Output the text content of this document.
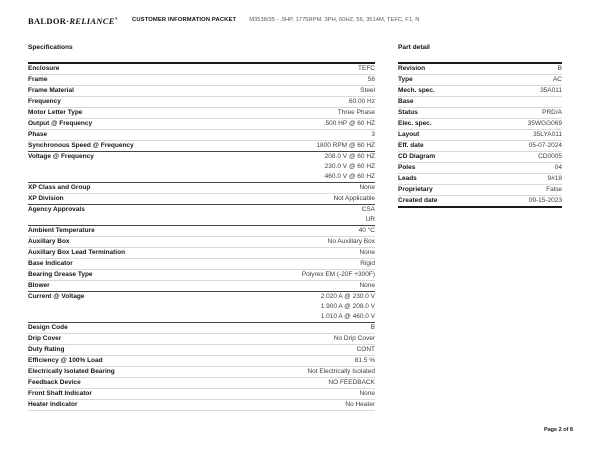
BALDOR·RELIANCE® CUSTOMER INFORMATION PACKET M3538/35 - .5HP, 1775RPM, 3PH, 60HZ, 56, 3514M, TEFC, F1, N
Specifications
Enclosure	TEFC
Frame	56
Frame Material	Steel
Frequency	60.00 Hz
Motor Letter Type	Three Phase
Output @ Frequency	.500 HP @ 60 HZ
Phase	3
Synchronous Speed @ Frequency	1800 RPM @ 60 HZ
Voltage @ Frequency	208.0 V @ 60 HZ
230.0 V @ 60 HZ
460.0 V @ 60 HZ
XP Class and Group	None
XP Division	Not Applicable
Agency Approvals	CSA
UR
Ambient Temperature	40 °C
Auxillary Box	No Auxillary Box
Auxillary Box Lead Termination	None
Base Indicator	Rigid
Bearing Grease Type	Polyrex EM (-20F +300F)
Blower	None
Current @ Voltage	2.020 A @ 230.0 V
1.900 A @ 208.0 V
1.010 A @ 460.0 V
Design Code	B
Drip Cover	No Drip Cover
Duty Rating	CONT
Efficiency @ 100% Load	81.5 %
Electrically Isolated Bearing	Not Electrically Isolated
Feedback Device	NO FEEDBACK
Front Shaft Indicator	None
Heater Indicator	No Heater
Part detail
Revision	B
Type	AC
Mech. spec.	35A011
Base
Status	PRD/A
Elec. spec.	35WGG069
Layout	35LYA011
Eff. date	05-07-2024
CD Diagram	CD0005
Poles	04
Leads	9#18
Proprietary	False
Created date	09-15-2023
Page 2 of 8
